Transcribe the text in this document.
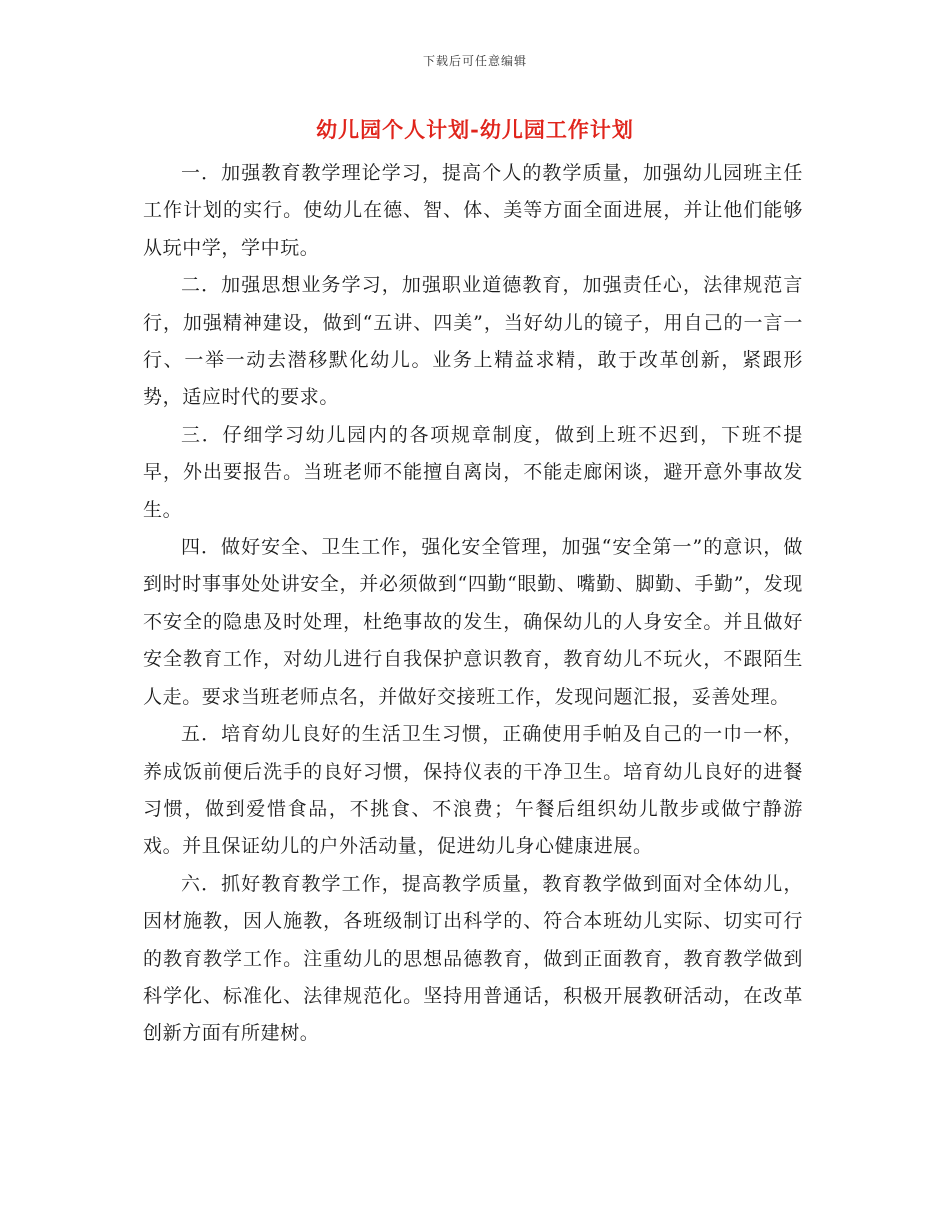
下载后可任意编辑
幼儿园个人计划-幼儿园工作计划

一．加强教育教学理论学习，提高个人的教学质量，加强幼儿园班主任工作计划的实行。使幼儿在德、智、体、美等方面全面进展，并让他们能够从玩中学，学中玩。

二．加强思想业务学习，加强职业道德教育，加强责任心，法律规范言行，加强精神建设，做到“五讲、四美”，当好幼儿的镜子，用自己的一言一行、一举一动去潜移默化幼儿。业务上精益求精，敢于改革创新，紧跟形势，适应时代的要求。

三．仔细学习幼儿园内的各项规章制度，做到上班不迟到，下班不提早，外出要报告。当班老师不能擅自离岗，不能走廊闲谈，避开意外事故发生。

四．做好安全、卫生工作，强化安全管理，加强“安全第一”的意识，做到时时事事处处讲安全，并必须做到“四勤“眼勤、嘴勤、脚勤、手勤”，发现不安全的隐患及时处理，杜绝事故的发生，确保幼儿的人身安全。并且做好安全教育工作，对幼儿进行自我保护意识教育，教育幼儿不玩火，不跟陌生人走。要求当班老师点名，并做好交接班工作，发现问题汇报，妥善处理。

五．培育幼儿良好的生活卫生习惯，正确使用手帕及自己的一巾一杯，养成饭前便后洗手的良好习惯，保持仪表的干净卫生。培育幼儿良好的进餐习惯，做到爱惜食品，不挑食、不浪费；午餐后组织幼儿散步或做宁静游戏。并且保证幼儿的户外活动量，促进幼儿身心健康进展。

六．抓好教育教学工作，提高教学质量，教育教学做到面对全体幼儿，因材施教，因人施教，各班级制订出科学的、符合本班幼儿实际、切实可行的教育教学工作。注重幼儿的思想品德教育，做到正面教育，教育教学做到科学化、标准化、法律规范化。坚持用普通话，积极开展教研活动，在改革创新方面有所建树。
